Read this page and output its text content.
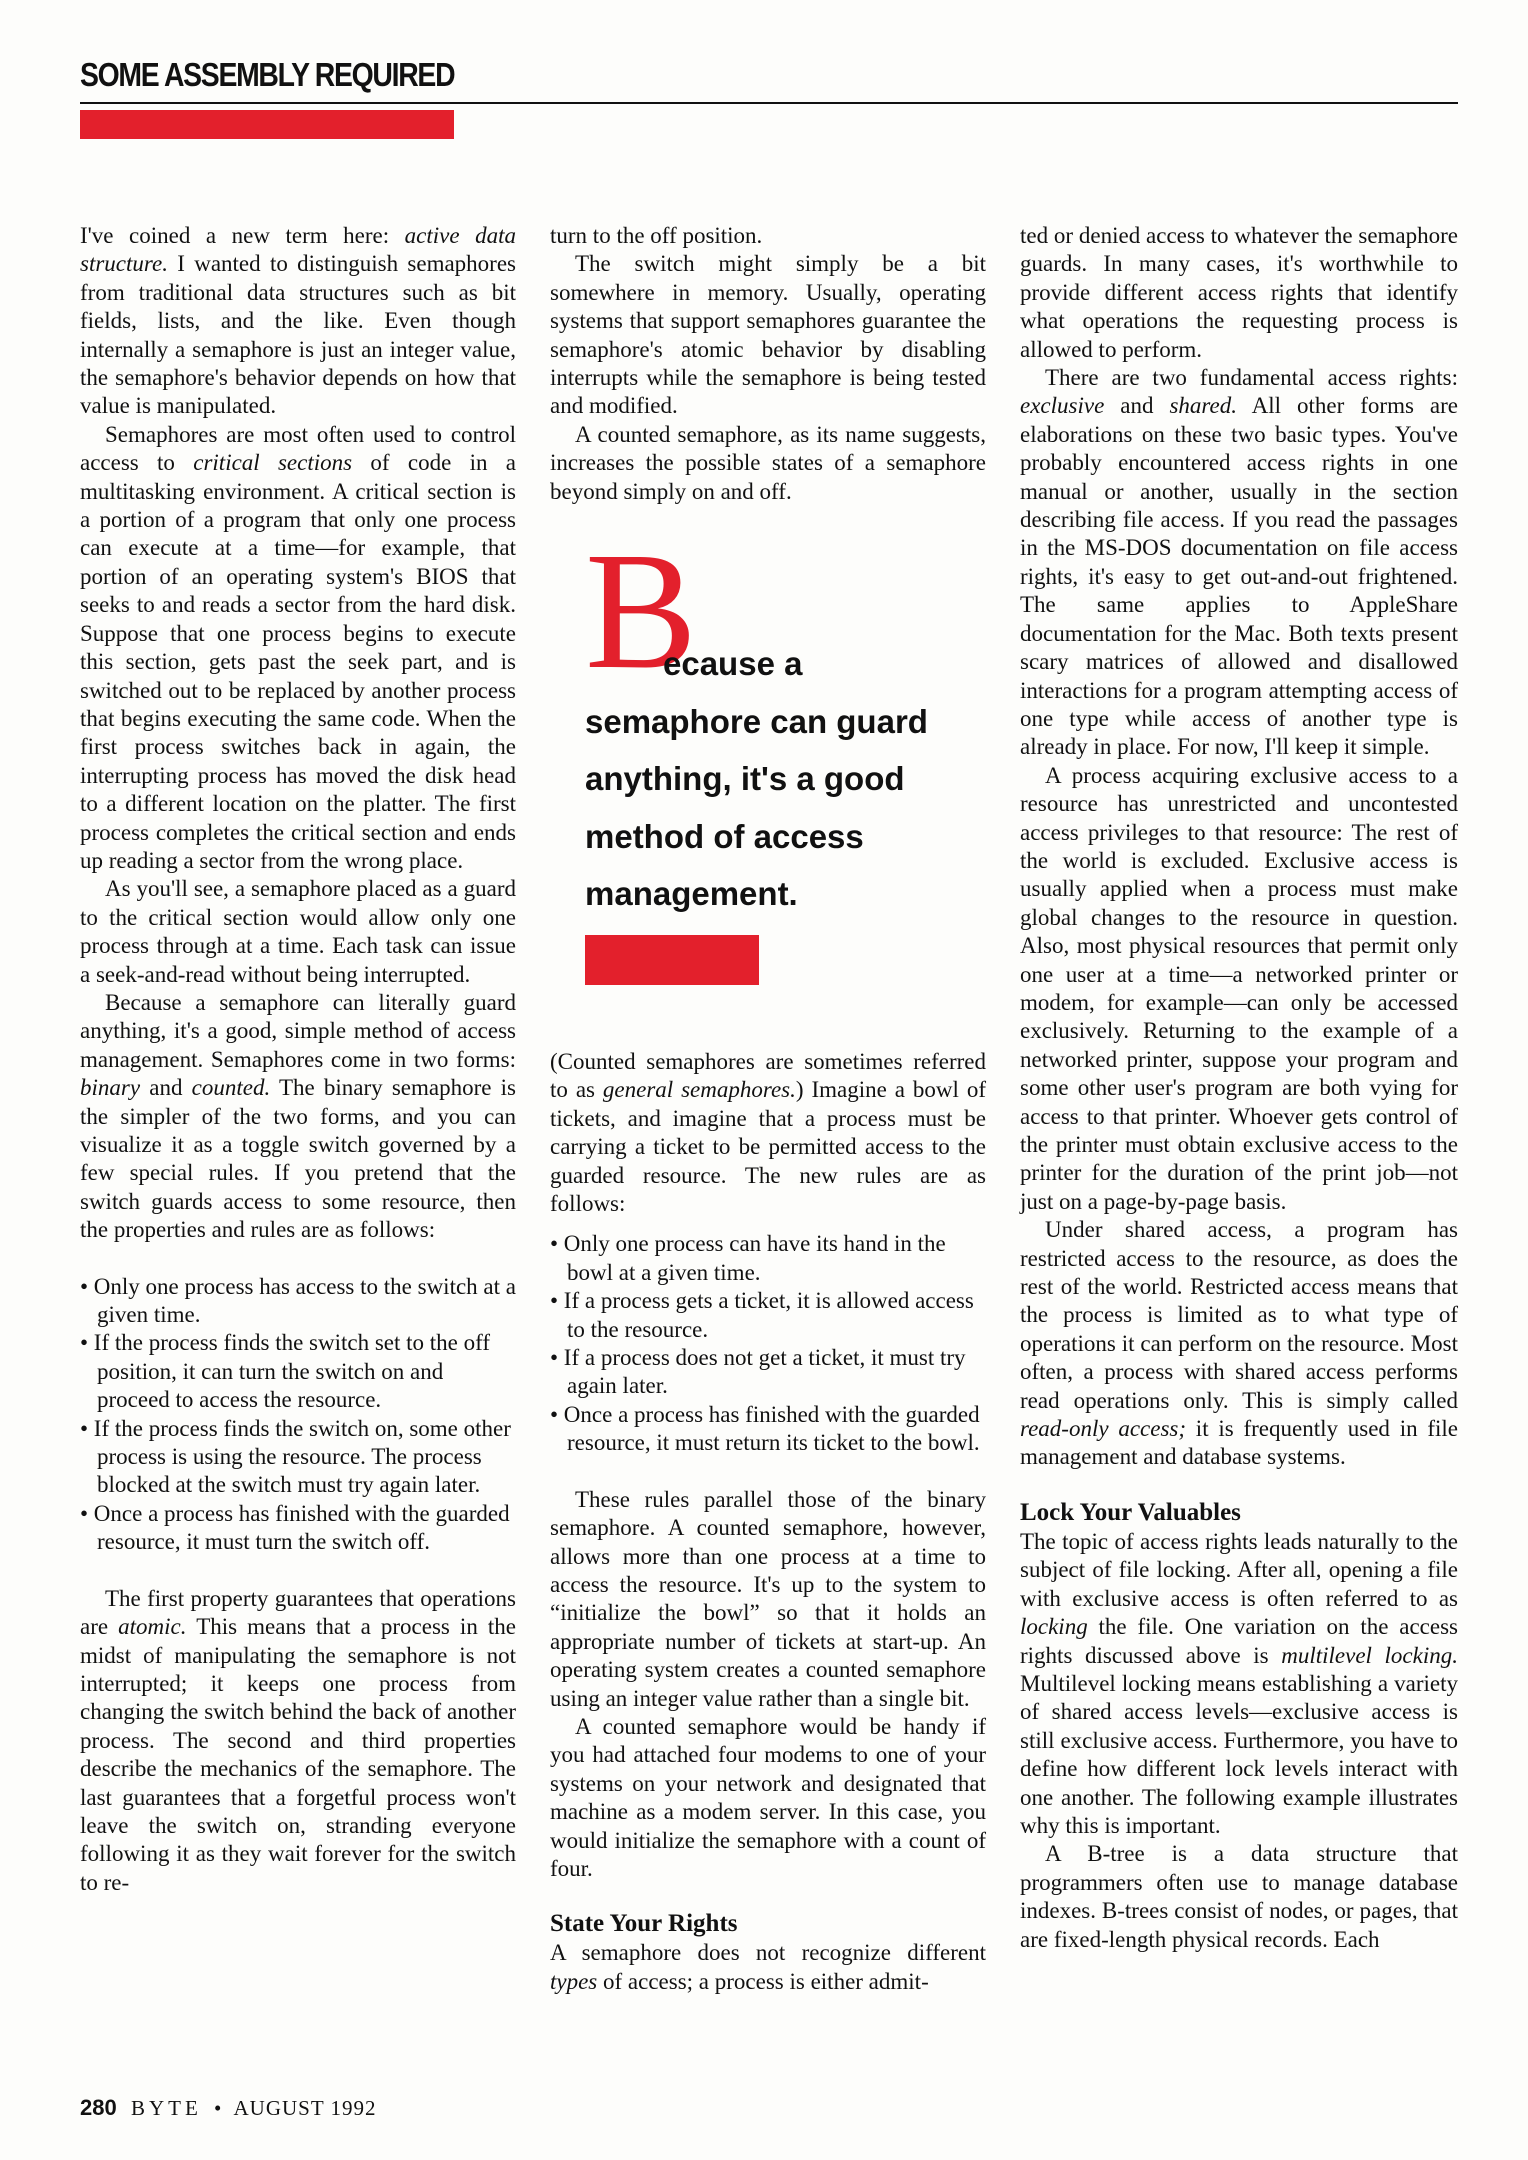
SOME ASSEMBLY REQUIRED

I've coined a new term here: active data structure. I wanted to distinguish semaphores from traditional data structures such as bit fields, lists, and the like. Even though internally a semaphore is just an integer value, the semaphore's behavior depends on how that value is manipulated.

Semaphores are most often used to control access to critical sections of code in a multitasking environment. A critical section is a portion of a program that only one process can execute at a time—for example, that portion of an operating system's BIOS that seeks to and reads a sector from the hard disk. Suppose that one process begins to execute this section, gets past the seek part, and is switched out to be replaced by another process that begins executing the same code. When the first process switches back in again, the interrupting process has moved the disk head to a different location on the platter. The first process completes the critical section and ends up reading a sector from the wrong place.

As you'll see, a semaphore placed as a guard to the critical section would allow only one process through at a time. Each task can issue a seek-and-read without being interrupted.

Because a semaphore can literally guard anything, it's a good, simple method of access management. Semaphores come in two forms: binary and counted. The binary semaphore is the simpler of the two forms, and you can visualize it as a toggle switch governed by a few special rules. If you pretend that the switch guards access to some resource, then the properties and rules are as follows:

• Only one process has access to the switch at a given time.
• If the process finds the switch set to the off position, it can turn the switch on and proceed to access the resource.
• If the process finds the switch on, some other process is using the resource. The process blocked at the switch must try again later.
• Once a process has finished with the guarded resource, it must turn the switch off.

The first property guarantees that operations are atomic. This means that a process in the midst of manipulating the semaphore is not interrupted; it keeps one process from changing the switch behind the back of another process. The second and third properties describe the mechanics of the semaphore. The last guarantees that a forgetful process won't leave the switch on, stranding everyone following it as they wait forever for the switch to re-

turn to the off position.

The switch might simply be a bit somewhere in memory. Usually, operating systems that support semaphores guarantee the semaphore's atomic behavior by disabling interrupts while the semaphore is being tested and modified.

A counted semaphore, as its name suggests, increases the possible states of a semaphore beyond simply on and off.

B
ecause a semaphore can guard anything, it's a good method of access management.

(Counted semaphores are sometimes referred to as general semaphores.) Imagine a bowl of tickets, and imagine that a process must be carrying a ticket to be permitted access to the guarded resource. The new rules are as follows:

• Only one process can have its hand in the bowl at a given time.
• If a process gets a ticket, it is allowed access to the resource.
• If a process does not get a ticket, it must try again later.
• Once a process has finished with the guarded resource, it must return its ticket to the bowl.

These rules parallel those of the binary semaphore. A counted semaphore, however, allows more than one process at a time to access the resource. It's up to the system to “initialize the bowl” so that it holds an appropriate number of tickets at start-up. An operating system creates a counted semaphore using an integer value rather than a single bit.

A counted semaphore would be handy if you had attached four modems to one of your systems on your network and designated that machine as a modem server. In this case, you would initialize the semaphore with a count of four.

State Your Rights

A semaphore does not recognize different types of access; a process is either admit-

ted or denied access to whatever the semaphore guards. In many cases, it's worthwhile to provide different access rights that identify what operations the requesting process is allowed to perform.

There are two fundamental access rights: exclusive and shared. All other forms are elaborations on these two basic types. You've probably encountered access rights in one manual or another, usually in the section describing file access. If you read the passages in the MS-DOS documentation on file access rights, it's easy to get out-and-out frightened. The same applies to AppleShare documentation for the Mac. Both texts present scary matrices of allowed and disallowed interactions for a program attempting access of one type while access of another type is already in place. For now, I'll keep it simple.

A process acquiring exclusive access to a resource has unrestricted and uncontested access privileges to that resource: The rest of the world is excluded. Exclusive access is usually applied when a process must make global changes to the resource in question. Also, most physical resources that permit only one user at a time—a networked printer or modem, for example—can only be accessed exclusively. Returning to the example of a networked printer, suppose your program and some other user's program are both vying for access to that printer. Whoever gets control of the printer must obtain exclusive access to the printer for the duration of the print job—not just on a page-by-page basis.

Under shared access, a program has restricted access to the resource, as does the rest of the world. Restricted access means that the process is limited as to what type of operations it can perform on the resource. Most often, a process with shared access performs read operations only. This is simply called read-only access; it is frequently used in file management and database systems.

Lock Your Valuables

The topic of access rights leads naturally to the subject of file locking. After all, opening a file with exclusive access is often referred to as locking the file. One variation on the access rights discussed above is multilevel locking. Multilevel locking means establishing a variety of shared access levels—exclusive access is still exclusive access. Furthermore, you have to define how different lock levels interact with one another. The following example illustrates why this is important.

A B-tree is a data structure that programmers often use to manage database indexes. B-trees consist of nodes, or pages, that are fixed-length physical records. Each

280 BYTE • AUGUST 1992
